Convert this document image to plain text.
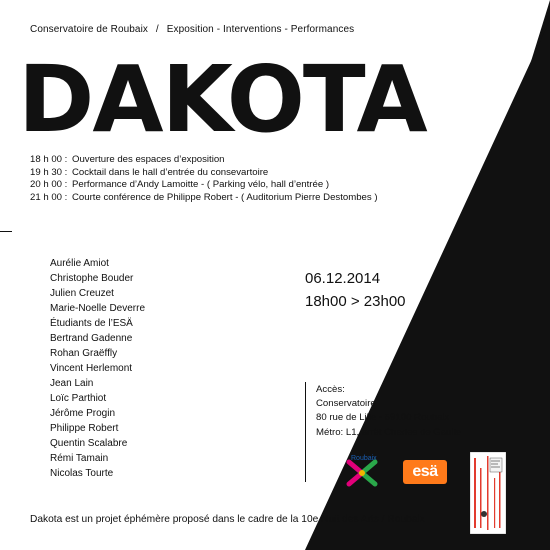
Conservatoire de Roubaix / Exposition - Interventions - Performances
DAKOTA
18 h 00 : Ouverture des espaces d’exposition
19 h 30 : Cocktail dans le hall d’entrée du consevartoire
20 h 00 : Performance d’Andy Lamoitte - ( Parking vélo, hall d’entrée )
21 h 00 : Courte conférence de Philippe Robert - ( Auditorium Pierre Destombes )
Aurélie Amiot
Christophe Bouder
Julien Creuzet
Marie-Noelle Deverre
Étudiants de l’ESÄ
Bertrand Gadenne
Rohan Graëffly
Vincent Herlemont
Jean Lain
Loïc Parthiot
Jérôme Progin
Philippe Robert
Quentin Scalabre
Rémi Tamain
Nicolas Tourte
06.12.2014
18h00 > 23h00
Accès:
Conservatoire
80 rue de Lille - 59100 Roubaix
Métro: L1, arrêt Charles de Gaulle
Roubaix
esä
Dakota est un projet éphémère proposé dans le cadre de la 10e Nuit des Arts / Roubaix
